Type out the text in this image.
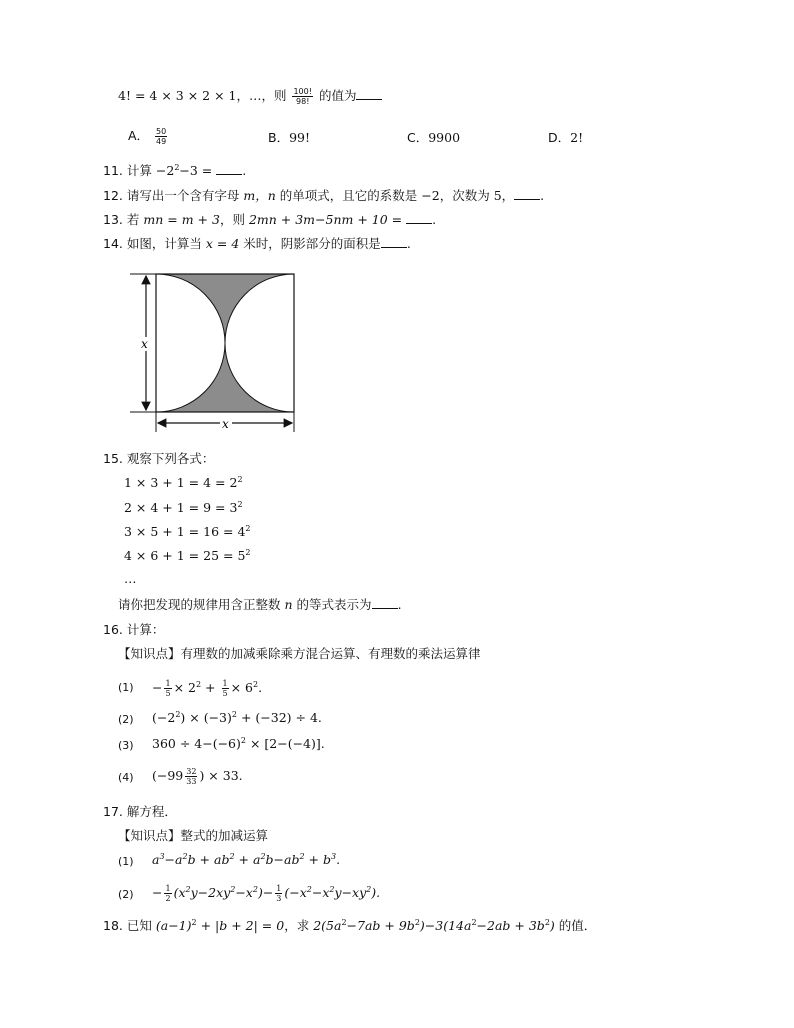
4! = 4 × 3 × 2 × 1，…，则 $\frac{100!}{98!}$ 的值为
A． $\frac{50}{49}$	B．99!	C．9900	D．2!
11. 计算 $-2^2-3$ = .
12. 请写出一个含有字母 m，n 的单项式，且它的系数是 −2，次数为 5， .
13. 若 mn = m + 3，则 2mn + 3m−5nm + 10 = .
14. 如图，计算当 x = 4 米时，阴影部分的面积是 .
x
x
15. 观察下列各式：
$1 \times 3 + 1 = 4 = 2^2$
$2 \times 4 + 1 = 9 = 3^2$
$3 \times 5 + 1 = 16 = 4^2$
$4 \times 6 + 1 = 25 = 5^2$
…
请你把发现的规律用含正整数 n 的等式表示为 .
16. 计算：
【知识点】有理数的加减乘除乘方混合运算、有理数的乘法运算律
$(1) - \frac{1}{5} \times 2^2 + \frac{1}{5} \times 6^2$.
(2) $(-2^2) \times (-3)^2 + (-32) \div 4$.
(3) $360 \div 4-(-6)^2 \times [2-(-4)]$.
(4) ($-99 \frac{32}{33}$ ) × 33.
17. 解方程．
【知识点】整式的加减运算
(1) $a^3-a^2b + ab^2 + a^2b-ab^2 + b^3$.
$(2) - \frac{1}{2} (x^2y-2xy^2-x^2)- \frac{1}{3} (-x^2-x^2y-xy^2)$.
18. 已知 $(a-1)^2 + |b + 2| = 0$，求 $2(5a^2-7ab + 9b^2)-3(14a^2-2ab + 3b^2)$ 的值．
